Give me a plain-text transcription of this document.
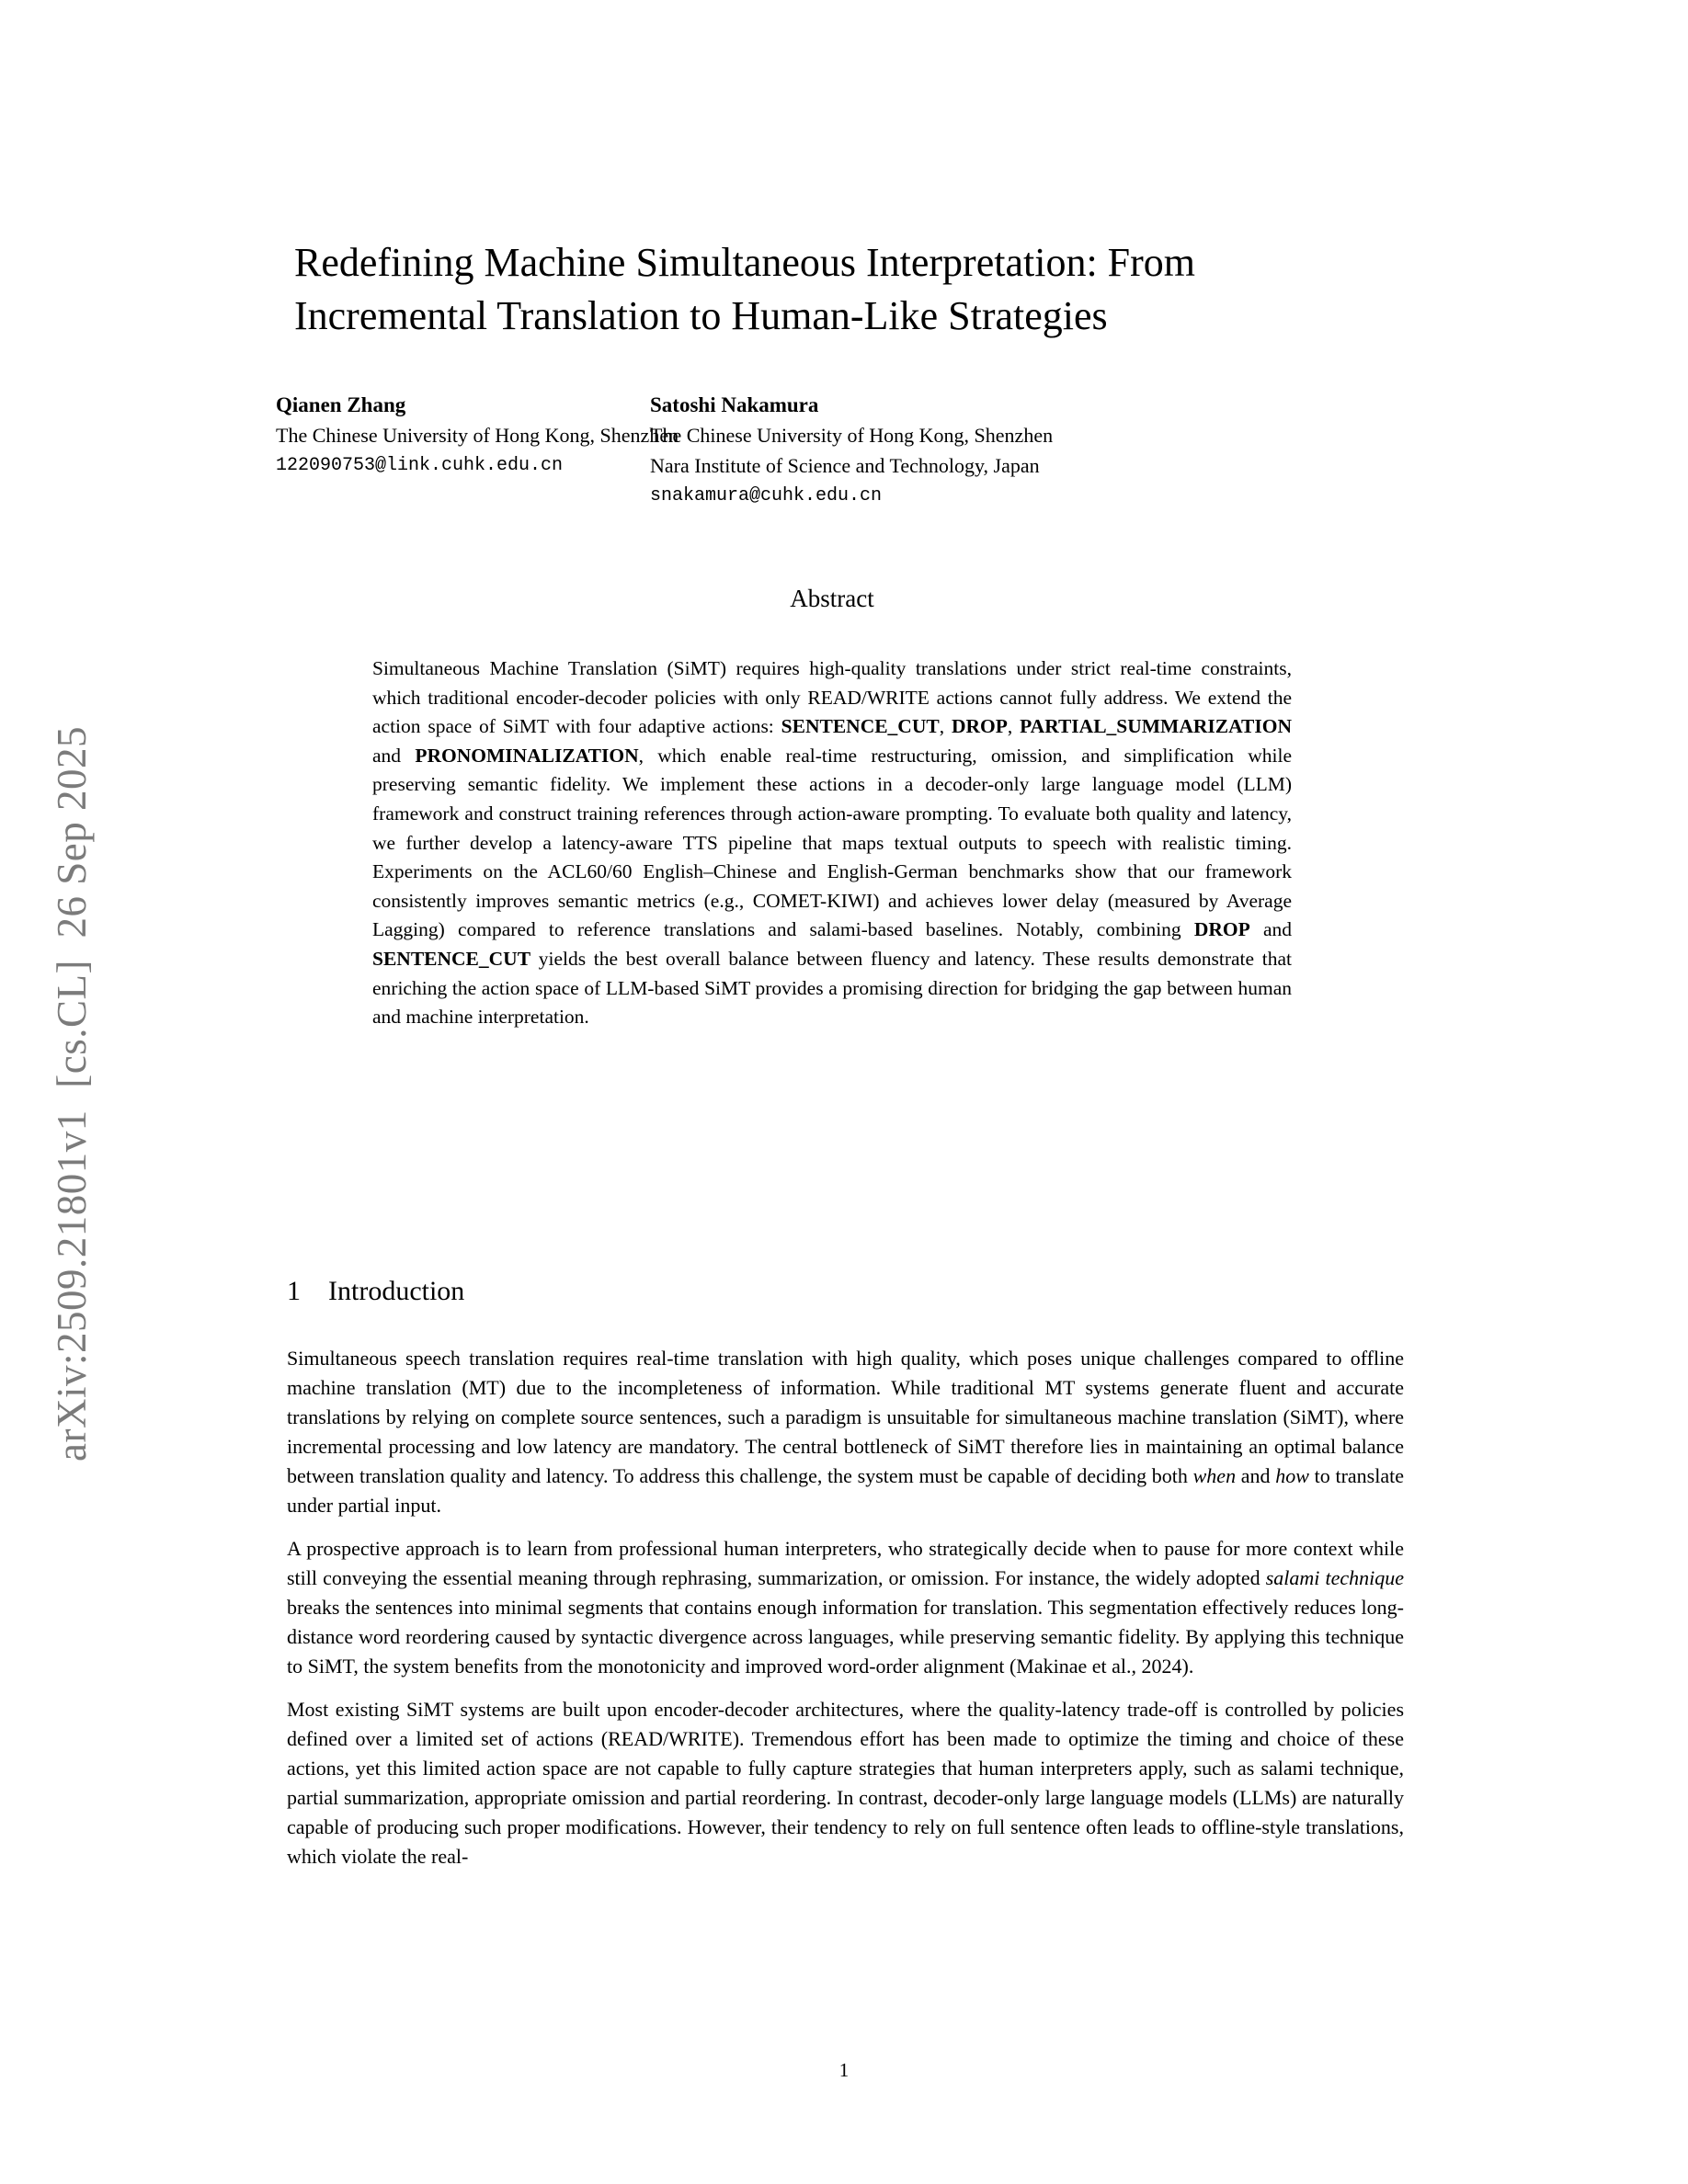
arXiv:2509.21801v1  [cs.CL]  26 Sep 2025
Redefining Machine Simultaneous Interpretation: From
Incremental Translation to Human-Like Strategies
Qianen Zhang
The Chinese University of Hong Kong, Shenzhen
122090753@link.cuhk.edu.cn
Satoshi Nakamura
The Chinese University of Hong Kong, Shenzhen
Nara Institute of Science and Technology, Japan
snakamura@cuhk.edu.cn
Abstract
Simultaneous Machine Translation (SiMT) requires high-quality translations under strict real-time constraints, which traditional encoder-decoder policies with only READ/WRITE actions cannot fully address. We extend the action space of SiMT with four adaptive actions: SENTENCE_CUT, DROP, PARTIAL_SUMMARIZATION and PRONOMINALIZATION, which enable real-time restructuring, omission, and simplification while preserving semantic fidelity. We implement these actions in a decoder-only large language model (LLM) framework and construct training references through action-aware prompting. To evaluate both quality and latency, we further develop a latency-aware TTS pipeline that maps textual outputs to speech with realistic timing. Experiments on the ACL60/60 English–Chinese and English-German benchmarks show that our framework consistently improves semantic metrics (e.g., COMET-KIWI) and achieves lower delay (measured by Average Lagging) compared to reference translations and salami-based baselines. Notably, combining DROP and SENTENCE_CUT yields the best overall balance between fluency and latency. These results demonstrate that enriching the action space of LLM-based SiMT provides a promising direction for bridging the gap between human and machine interpretation.
1 Introduction

Simultaneous speech translation requires real-time translation with high quality, which poses unique challenges compared to offline machine translation (MT) due to the incompleteness of information. While traditional MT systems generate fluent and accurate translations by relying on complete source sentences, such a paradigm is unsuitable for simultaneous machine translation (SiMT), where incremental processing and low latency are mandatory. The central bottleneck of SiMT therefore lies in maintaining an optimal balance between translation quality and latency. To address this challenge, the system must be capable of deciding both when and how to translate under partial input.

A prospective approach is to learn from professional human interpreters, who strategically decide when to pause for more context while still conveying the essential meaning through rephrasing, summarization, or omission. For instance, the widely adopted salami technique breaks the sentences into minimal segments that contains enough information for translation. This segmentation effectively reduces long-distance word reordering caused by syntactic divergence across languages, while preserving semantic fidelity. By applying this technique to SiMT, the system benefits from the monotonicity and improved word-order alignment (Makinae et al., 2024).

Most existing SiMT systems are built upon encoder-decoder architectures, where the quality-latency trade-off is controlled by policies defined over a limited set of actions (READ/WRITE). Tremendous effort has been made to optimize the timing and choice of these actions, yet this limited action space are not capable to fully capture strategies that human interpreters apply, such as salami technique, partial summarization, appropriate omission and partial reordering. In contrast, decoder-only large language models (LLMs) are naturally capable of producing such proper modifications. However, their tendency to rely on full sentence often leads to offline-style translations, which violate the real-

1
